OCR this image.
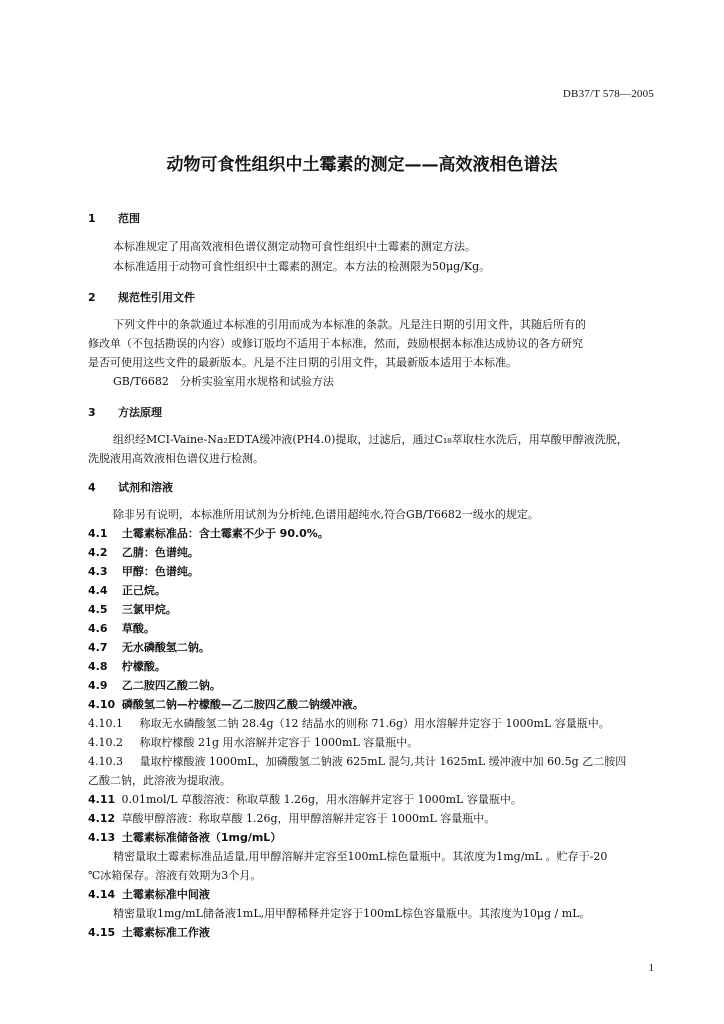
DB37/T 578—2005
动物可食性组织中土霉素的测定——高效液相色谱法
1 范围
本标准规定了用高效液相色谱仪测定动物可食性组织中土霉素的测定方法。
本标准适用于动物可食性组织中土霉素的测定。本方法的检测限为50μg/Kg。
2 规范性引用文件
下列文件中的条款通过本标准的引用而成为本标准的条款。凡是注日期的引用文件，其随后所有的
修改单（不包括勘误的内容）或修订版均不适用于本标准，然而，鼓励根据本标准达成协议的各方研究
是否可使用这些文件的最新版本。凡是不注日期的引用文件，其最新版本适用于本标准。
GB/T6682　分析实验室用水规格和试验方法
3 方法原理
组织经MCI-Vaine-Na₂EDTA缓冲液(PH4.0)提取，过滤后，通过C₁₈萃取柱水洗后，用草酸甲醇液洗脱，
洗脱液用高效液相色谱仪进行检测。
4 试剂和溶液
除非另有说明，本标准所用试剂为分析纯,色谱用超纯水,符合GB/T6682一级水的规定。
4.1 土霉素标准品：含土霉素不少于 90.0%。
4.2 乙腈：色谱纯。
4.3 甲醇：色谱纯。
4.4 正己烷。
4.5 三氯甲烷。
4.6 草酸。
4.7 无水磷酸氢二钠。
4.8 柠檬酸。
4.9 乙二胺四乙酸二钠。
4.10 磷酸氢二钠—柠檬酸—乙二胺四乙酸二钠缓冲液。
4.10.1 称取无水磷酸氢二钠 28.4g（12 结晶水的则称 71.6g）用水溶解并定容于 1000mL 容量瓶中。
4.10.2 称取柠檬酸 21g 用水溶解并定容于 1000mL 容量瓶中。
4.10.3 量取柠檬酸液 1000mL，加磷酸氢二钠液 625mL 混匀,共计 1625mL 缓冲液中加 60.5g 乙二胺四
乙酸二钠，此溶液为提取液。
4.11 0.01mol/L 草酸溶液：称取草酸 1.26g，用水溶解并定容于 1000mL 容量瓶中。
4.12 草酸甲醇溶液：称取草酸 1.26g，用甲醇溶解并定容于 1000mL 容量瓶中。
4.13 土霉素标准储备液（1mg/mL）
精密量取土霉素标准品适量,用甲醇溶解并定容至100mL棕色量瓶中。其浓度为1mg/mL 。贮存于-20
℃冰箱保存。溶液有效期为3个月。
4.14 土霉素标准中间液
精密量取1mg/mL储备液1mL,用甲醇稀释并定容于100mL棕色容量瓶中。其浓度为10μg / mL。
4.15 土霉素标准工作液
1
